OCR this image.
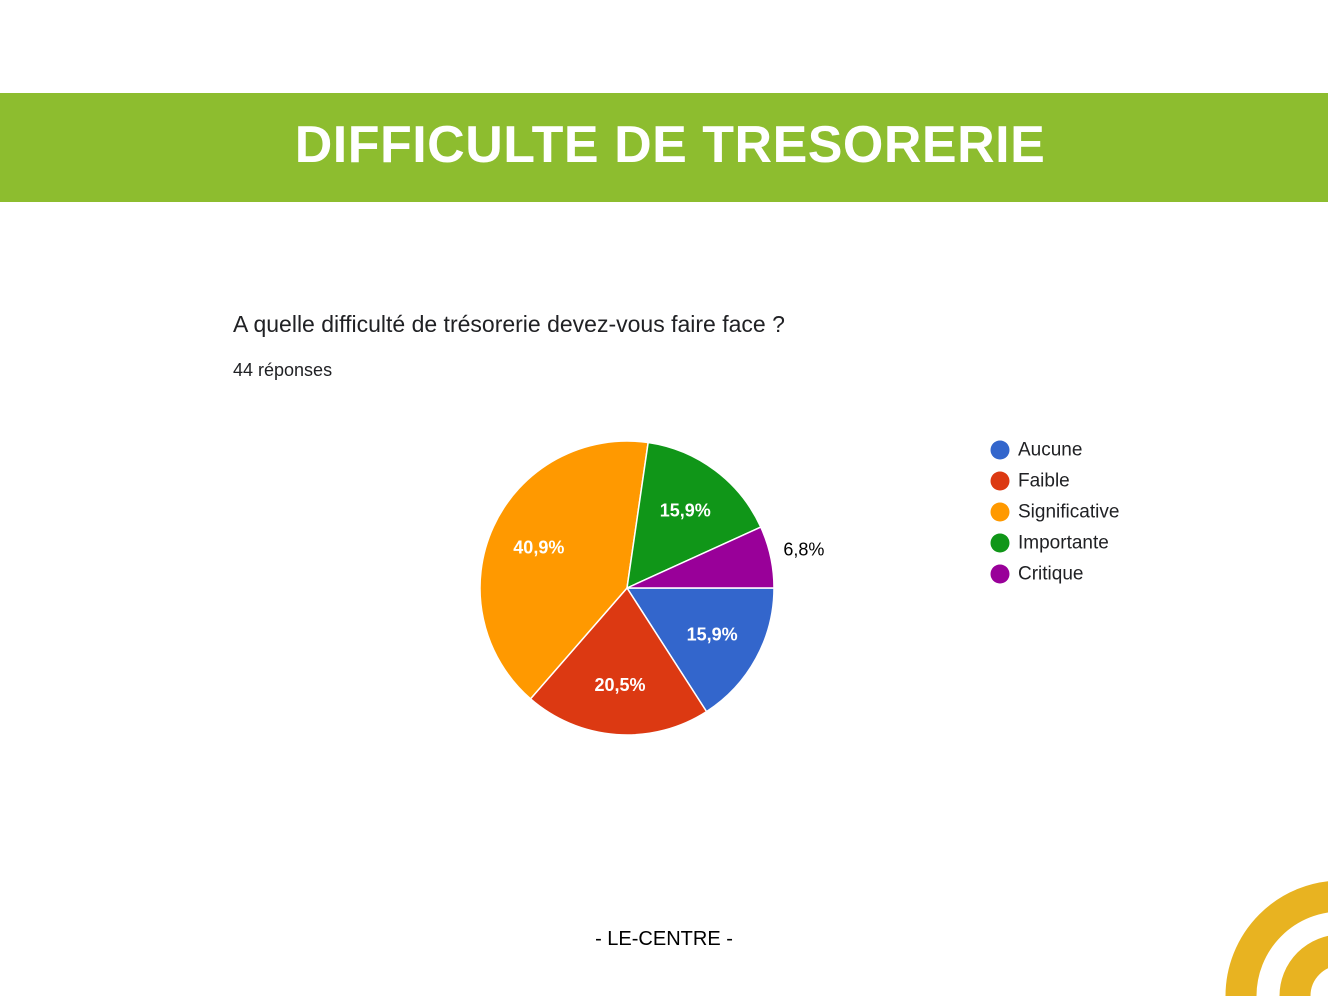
DIFFICULTE DE TRESORERIE
A quelle difficulté de trésorerie devez-vous faire face ?
44 réponses
15,9%
20,5%
40,9%
15,9%
6,8%
Aucune
Faible
Significative
Importante
Critique
- LE-CENTRE -
